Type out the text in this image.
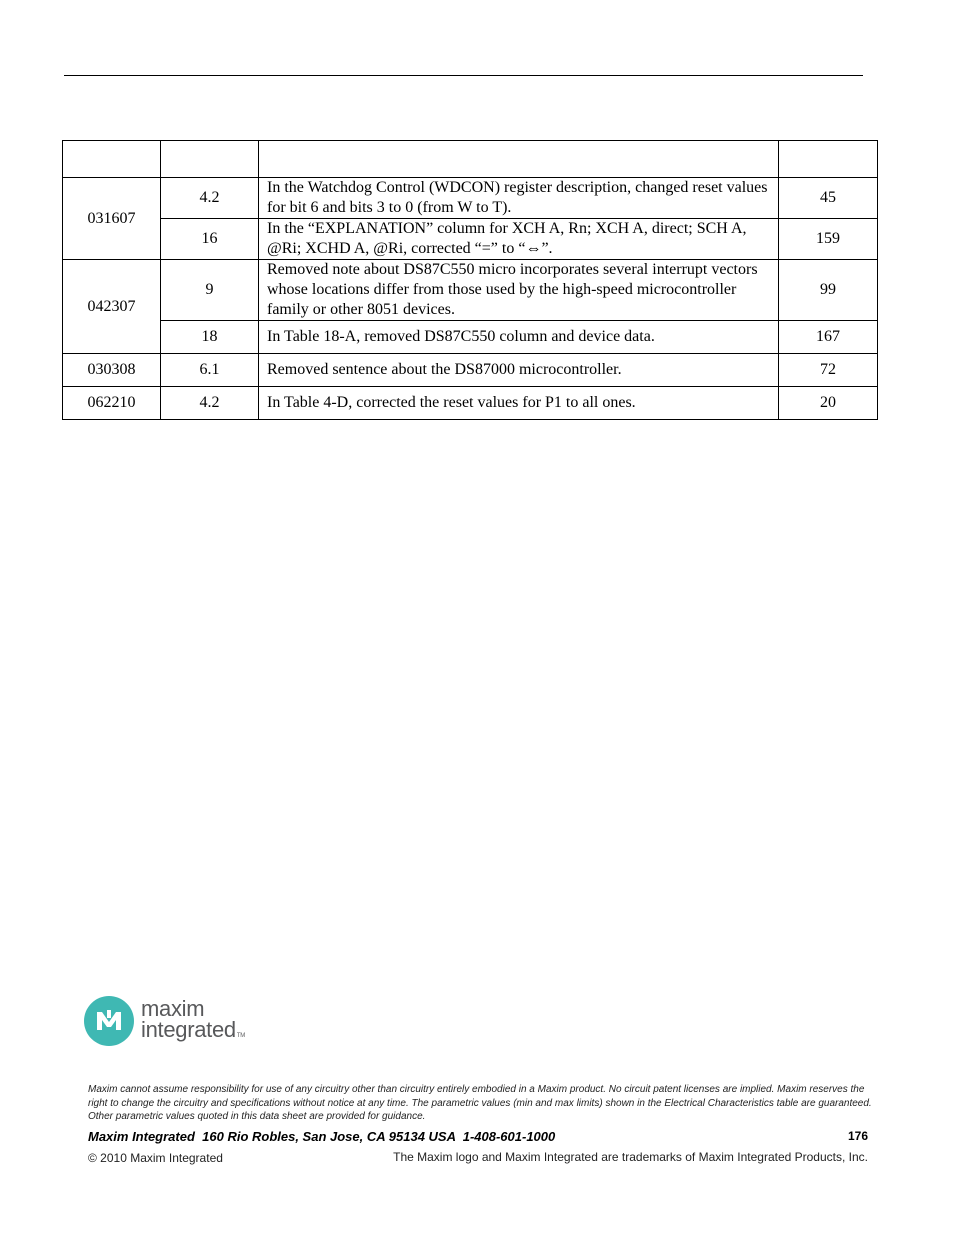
031607	4.2	In the Watchdog Control (WDCON) register description, changed reset values for bit 6 and bits 3 to 0 (from W to T).	45
	16	In the “EXPLANATION” column for XCH A, Rn; XCH A, direct; SCH A, @Ri; XCHD A, @Ri, corrected “=” to “⇔”.	159
042307	9	Removed note about DS87C550 micro incorporates several interrupt vectors whose locations differ from those used by the high-speed microcontroller family or other 8051 devices.	99
	18	In Table 18-A, removed DS87C550 column and device data.	167
030308	6.1	Removed sentence about the DS87000 microcontroller.	72
062210	4.2	In Table 4-D, corrected the reset values for P1 to all ones.	20
maxim
integratedTM
Maxim cannot assume responsibility for use of any circuitry other than circuitry entirely embodied in a Maxim product. No circuit patent licenses are implied. Maxim reserves the right to change the circuitry and specifications without notice at any time. The parametric values (min and max limits) shown in the Electrical Characteristics table are guaranteed. Other parametric values quoted in this data sheet are provided for guidance.
Maxim Integrated  160 Rio Robles, San Jose, CA 95134 USA  1-408-601-1000	176
© 2010 Maxim Integrated	The Maxim logo and Maxim Integrated are trademarks of Maxim Integrated Products, Inc.
